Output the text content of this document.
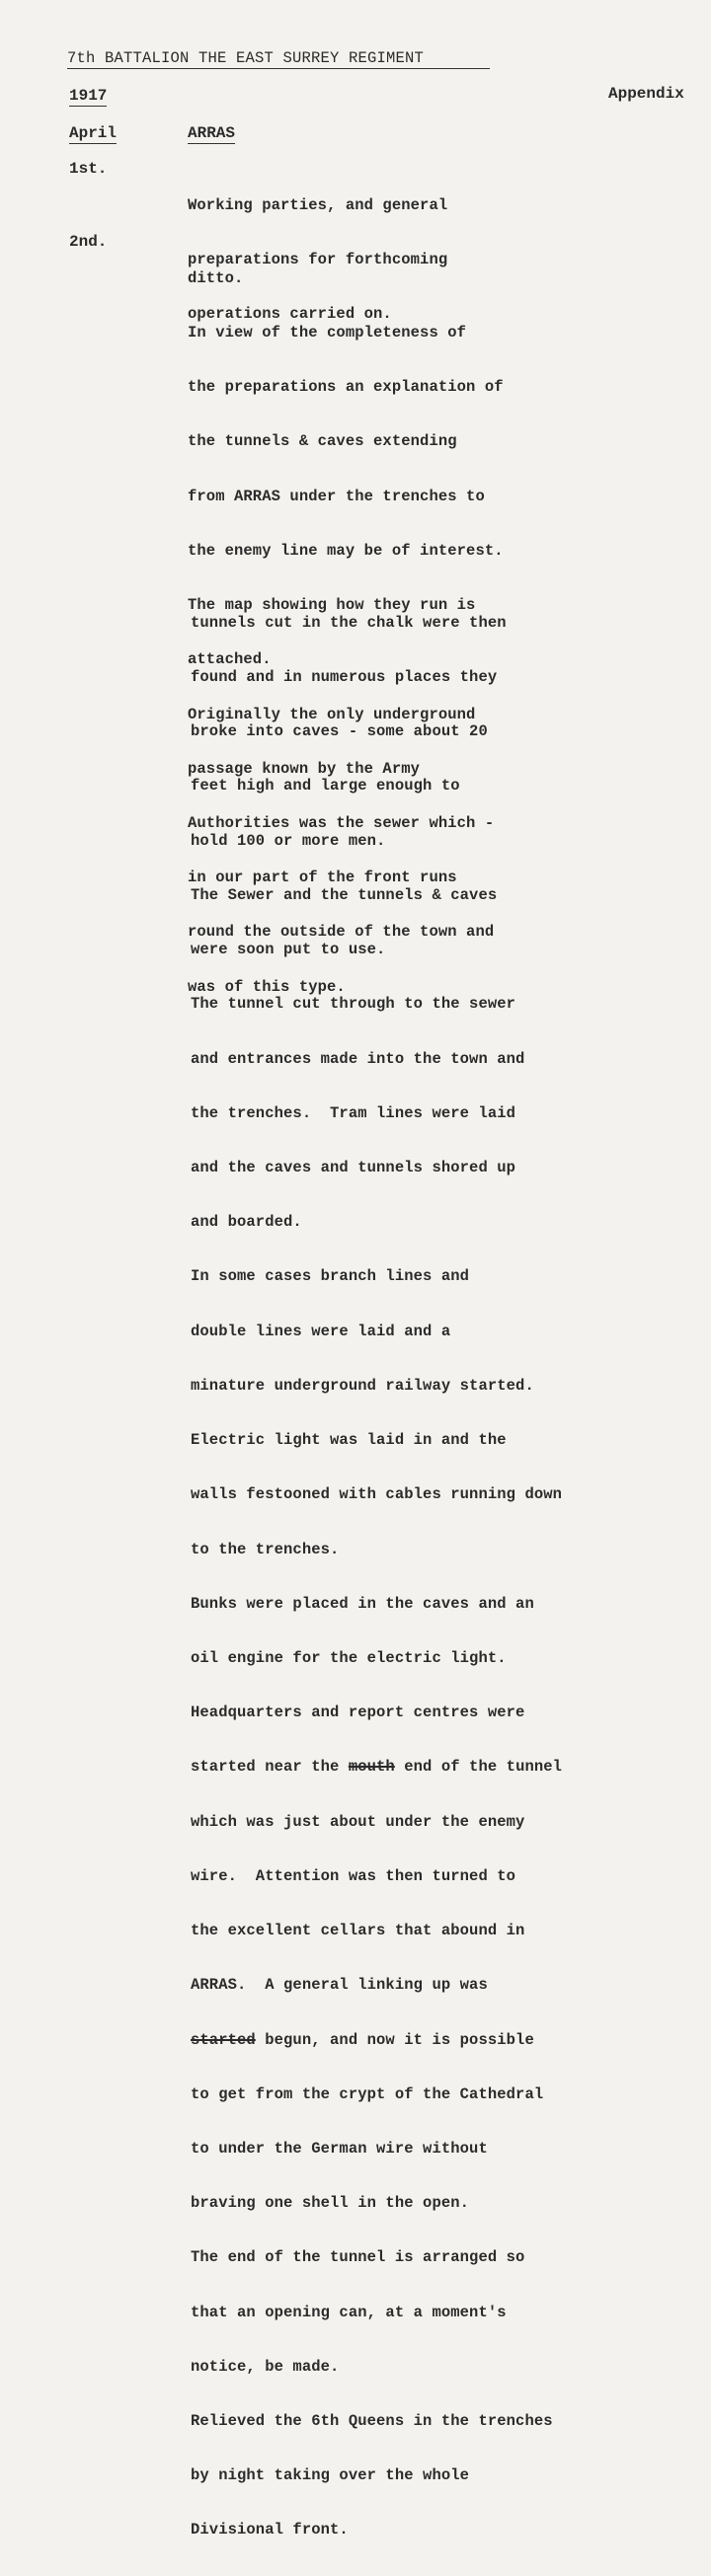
7th BATTALION THE EAST SURREY REGIMENT
1917	Appendix
April	ARRAS
1st.

Working parties, and general

preparations for forthcoming

operations carried on.

2nd.

ditto.

In view of the completeness of

the preparations an explanation of

the tunnels & caves extending

from ARRAS under the trenches to

the enemy line may be of interest.

The map showing how they run is

attached.

Originally the only underground

passage known by the Army

Authorities was the sewer which -

in our part of the front runs

round the outside of the town and

was of this type.

tunnels cut in the chalk were then

found and in numerous places they

broke into caves - some about 20

feet high and large enough to

hold 100 or more men.

The Sewer and the tunnels & caves

were soon put to use.

The tunnel cut through to the sewer

and entrances made into the town and

the trenches.  Tram lines were laid

and the caves and tunnels shored up

and boarded.

In some cases branch lines and

double lines were laid and a

minature underground railway started.

Electric light was laid in and the

walls festooned with cables running down

to the trenches.

Bunks were placed in the caves and an

oil engine for the electric light.

Headquarters and report centres were

started near the mouth end of the tunnel

which was just about under the enemy

wire.  Attention was then turned to

the excellent cellars that abound in

ARRAS.  A general linking up was

started begun, and now it is possible

to get from the crypt of the Cathedral

to under the German wire without

braving one shell in the open.

The end of the tunnel is arranged so

that an opening can, at a moment's

notice, be made.

Relieved the 6th Queens in the trenches

by night taking over the whole

Divisional front.
